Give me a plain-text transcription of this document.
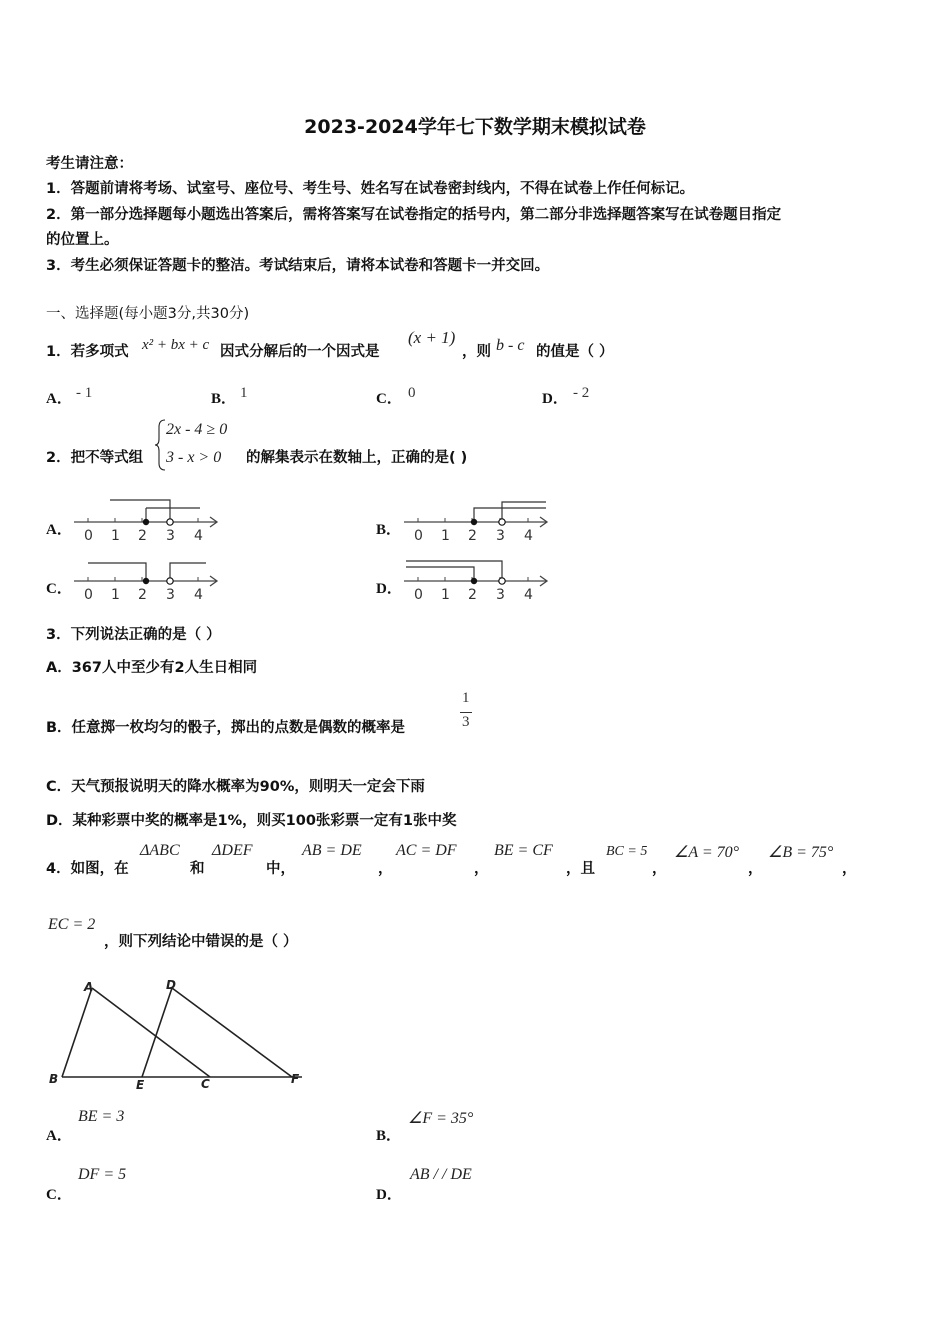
2023-2024学年七下数学期末模拟试卷
考生请注意：
1．答题前请将考场、试室号、座位号、考生号、姓名写在试卷密封线内，不得在试卷上作任何标记。
2．第一部分选择题每小题选出答案后，需将答案写在试卷指定的括号内，第二部分非选择题答案写在试卷题目指定
的位置上。
3．考生必须保证答题卡的整洁。考试结束后，请将本试卷和答题卡一并交回。
一、选择题(每小题3分,共30分)
1．若多项式 x² + bx + c 因式分解后的一个因式是
(x + 1)
，则 b - c 的值是（ ）
A． - 1	B． 1	C． 0	D． - 2
2．把不等式组
2x - 4 ≥ 0
3 - x > 0 的解集表示在数轴上，正确的是( )
A． 0 1 2 3 4	B． 0 1 2 3 4
C． 0 1 2 3 4	D． 0 1 2 3 4
3．下列说法正确的是（ ）
A．367人中至少有2人生日相同
B．任意掷一枚均匀的骰子，掷出的点数是偶数的概率是
1
3
C．天气预报说明天的降水概率为90%，则明天一定会下雨
D．某种彩票中奖的概率是1%，则买100张彩票一定有1张中奖
4．如图，在
ΔABC
和
ΔDEF
中，
AB = DE
，
AC = DF
，
BE = CF
，且
BC = 5
，
∠A = 70°
，
∠B = 75°
，
EC = 2
，则下列结论中错误的是（ ）
A	D
B	E	C	F
A．
BE = 3
B．
∠F = 35°
C．
DF = 5
D．
AB / / DE
